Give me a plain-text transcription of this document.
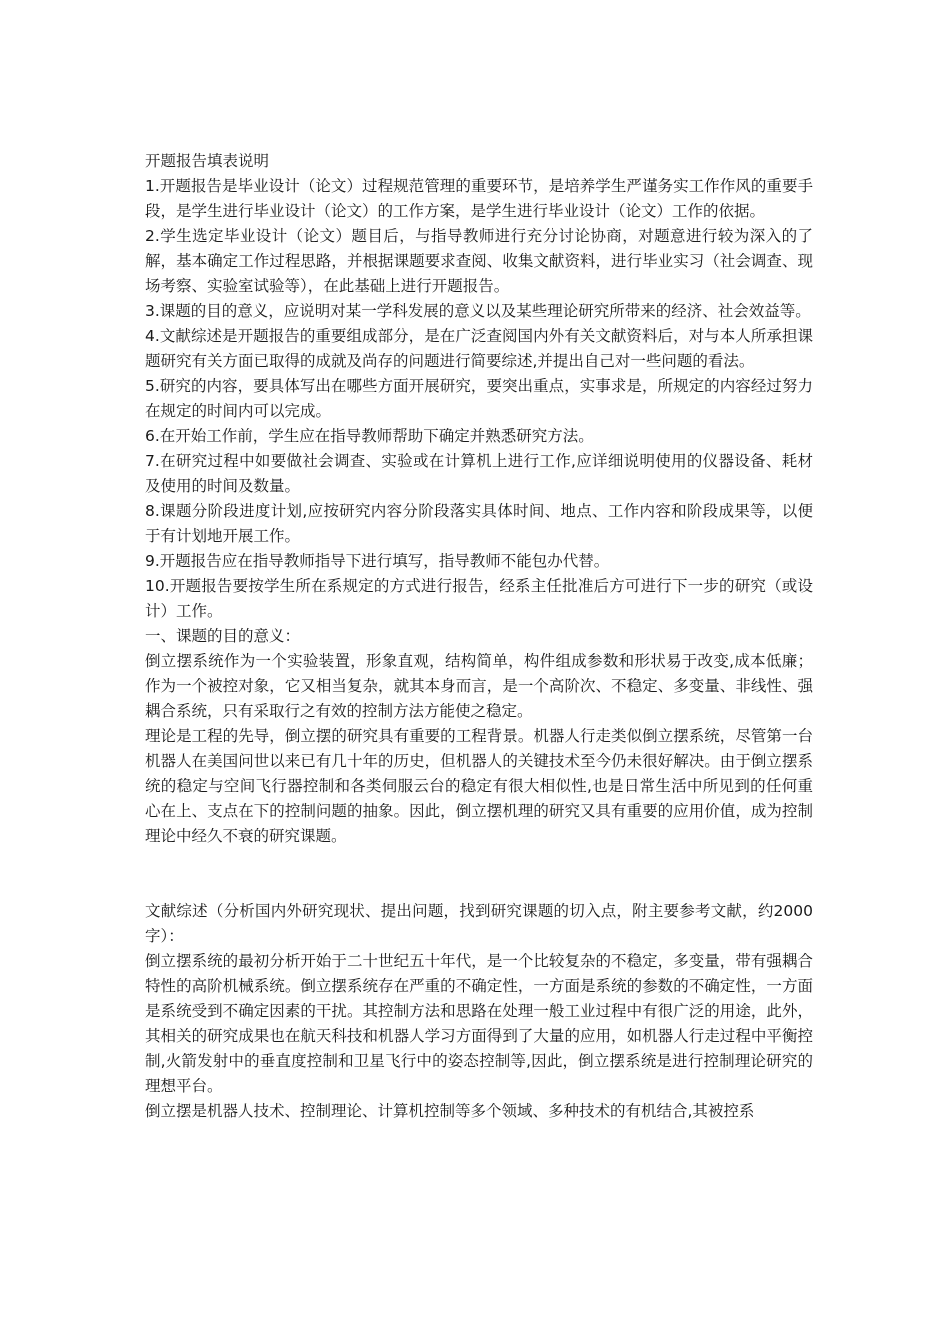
开题报告填表说明

1.开题报告是毕业设计（论文）过程规范管理的重要环节，是培养学生严谨务实工作作风的重要手段，是学生进行毕业设计（论文）的工作方案，是学生进行毕业设计（论文）工作的依据。

2.学生选定毕业设计（论文）题目后，与指导教师进行充分讨论协商，对题意进行较为深入的了解，基本确定工作过程思路，并根据课题要求查阅、收集文献资料，进行毕业实习（社会调查、现场考察、实验室试验等），在此基础上进行开题报告。

3.课题的目的意义，应说明对某一学科发展的意义以及某些理论研究所带来的经济、社会效益等。

4.文献综述是开题报告的重要组成部分，是在广泛查阅国内外有关文献资料后，对与本人所承担课题研究有关方面已取得的成就及尚存的问题进行简要综述,并提出自己对一些问题的看法。

5.研究的内容，要具体写出在哪些方面开展研究，要突出重点，实事求是，所规定的内容经过努力在规定的时间内可以完成。

6.在开始工作前，学生应在指导教师帮助下确定并熟悉研究方法。

7.在研究过程中如要做社会调查、实验或在计算机上进行工作,应详细说明使用的仪器设备、耗材及使用的时间及数量。

8.课题分阶段进度计划,应按研究内容分阶段落实具体时间、地点、工作内容和阶段成果等，以便于有计划地开展工作。

9.开题报告应在指导教师指导下进行填写，指导教师不能包办代替。

10.开题报告要按学生所在系规定的方式进行报告，经系主任批准后方可进行下一步的研究（或设计）工作。

一、课题的目的意义：

倒立摆系统作为一个实验装置，形象直观，结构简单，构件组成参数和形状易于改变,成本低廉；作为一个被控对象，它又相当复杂，就其本身而言，是一个高阶次、不稳定、多变量、非线性、强耦合系统，只有采取行之有效的控制方法方能使之稳定。

理论是工程的先导，倒立摆的研究具有重要的工程背景。机器人行走类似倒立摆系统，尽管第一台机器人在美国问世以来已有几十年的历史，但机器人的关键技术至今仍未很好解决。由于倒立摆系统的稳定与空间飞行器控制和各类伺服云台的稳定有很大相似性,也是日常生活中所见到的任何重心在上、支点在下的控制问题的抽象。因此，倒立摆机理的研究又具有重要的应用价值，成为控制理论中经久不衰的研究课题。

文献综述（分析国内外研究现状、提出问题，找到研究课题的切入点，附主要参考文献，约2000字）：

倒立摆系统的最初分析开始于二十世纪五十年代，是一个比较复杂的不稳定，多变量，带有强耦合特性的高阶机械系统。倒立摆系统存在严重的不确定性，一方面是系统的参数的不确定性，一方面是系统受到不确定因素的干扰。其控制方法和思路在处理一般工业过程中有很广泛的用途，此外，其相关的研究成果也在航天科技和机器人学习方面得到了大量的应用，如机器人行走过程中平衡控制,火箭发射中的垂直度控制和卫星飞行中的姿态控制等,因此，倒立摆系统是进行控制理论研究的理想平台。

倒立摆是机器人技术、控制理论、计算机控制等多个领域、多种技术的有机结合,其被控系
